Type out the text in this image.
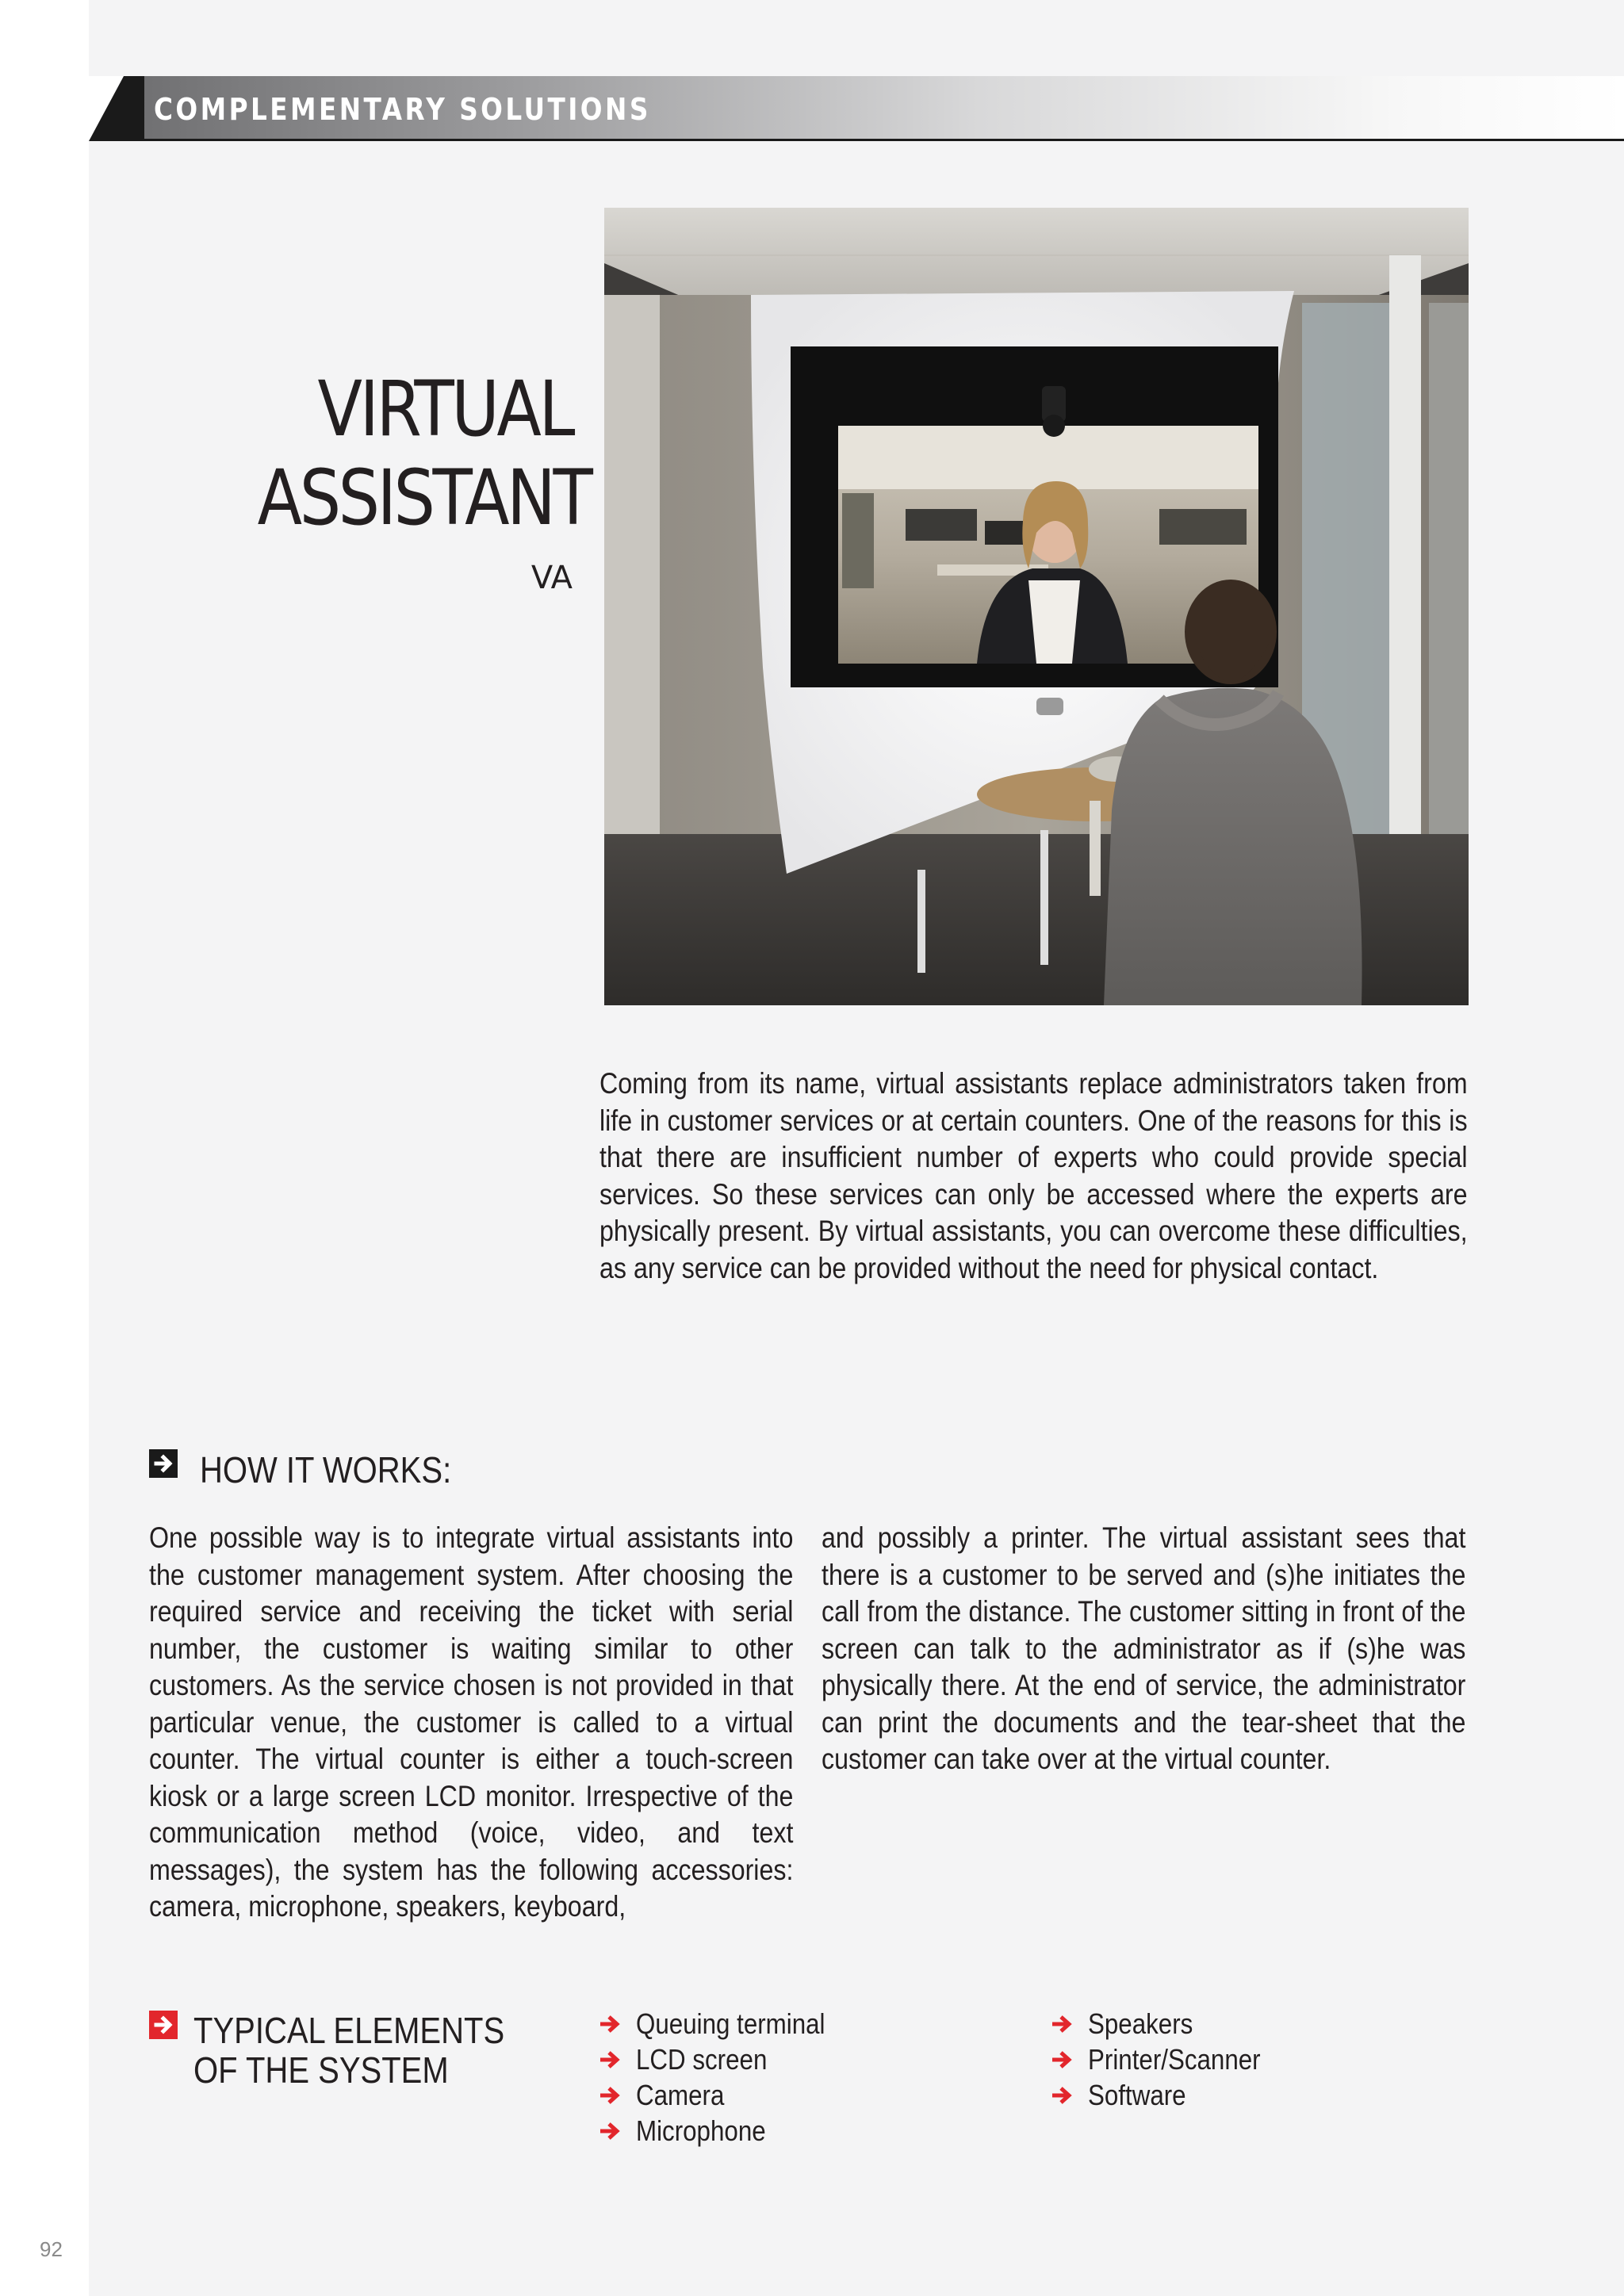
COMPLEMENTARY SOLUTIONS
VIRTUAL
ASSISTANT
VA
Coming from its name, virtual assistants replace administrators taken from life in customer services or at certain counters. One of the reasons for this is that there are insufficient number of experts who could provide special services. So these services can only be accessed where the experts are physically present. By virtual assistants, you can overcome these difficulties, as any service can be provided without the need for physical contact.
HOW IT WORKS:
One possible way is to integrate virtual assistants into the customer management system. After choosing the required service and receiving the ticket with serial number, the customer is waiting similar to other customers. As the service chosen is not provided in that particular venue, the customer is called to a virtual counter. The virtual counter is either a touch-screen kiosk or a large screen LCD monitor. Irrespective of the communication method (voice, video, and text messages), the system has the following accessories: camera, microphone, speakers, keyboard,
and possibly a printer. The virtual assistant sees that there is a customer to be served and (s)he initiates the call from the distance. The customer sitting in front of the screen can talk to the administrator as if (s)he was physically there. At the end of service, the administrator can print the documents and the tear-sheet that the customer can take over at the virtual counter.
TYPICAL ELEMENTS
OF THE SYSTEM
Queuing terminal
LCD screen
Camera
Microphone
Speakers
Printer/Scanner
Software
92
